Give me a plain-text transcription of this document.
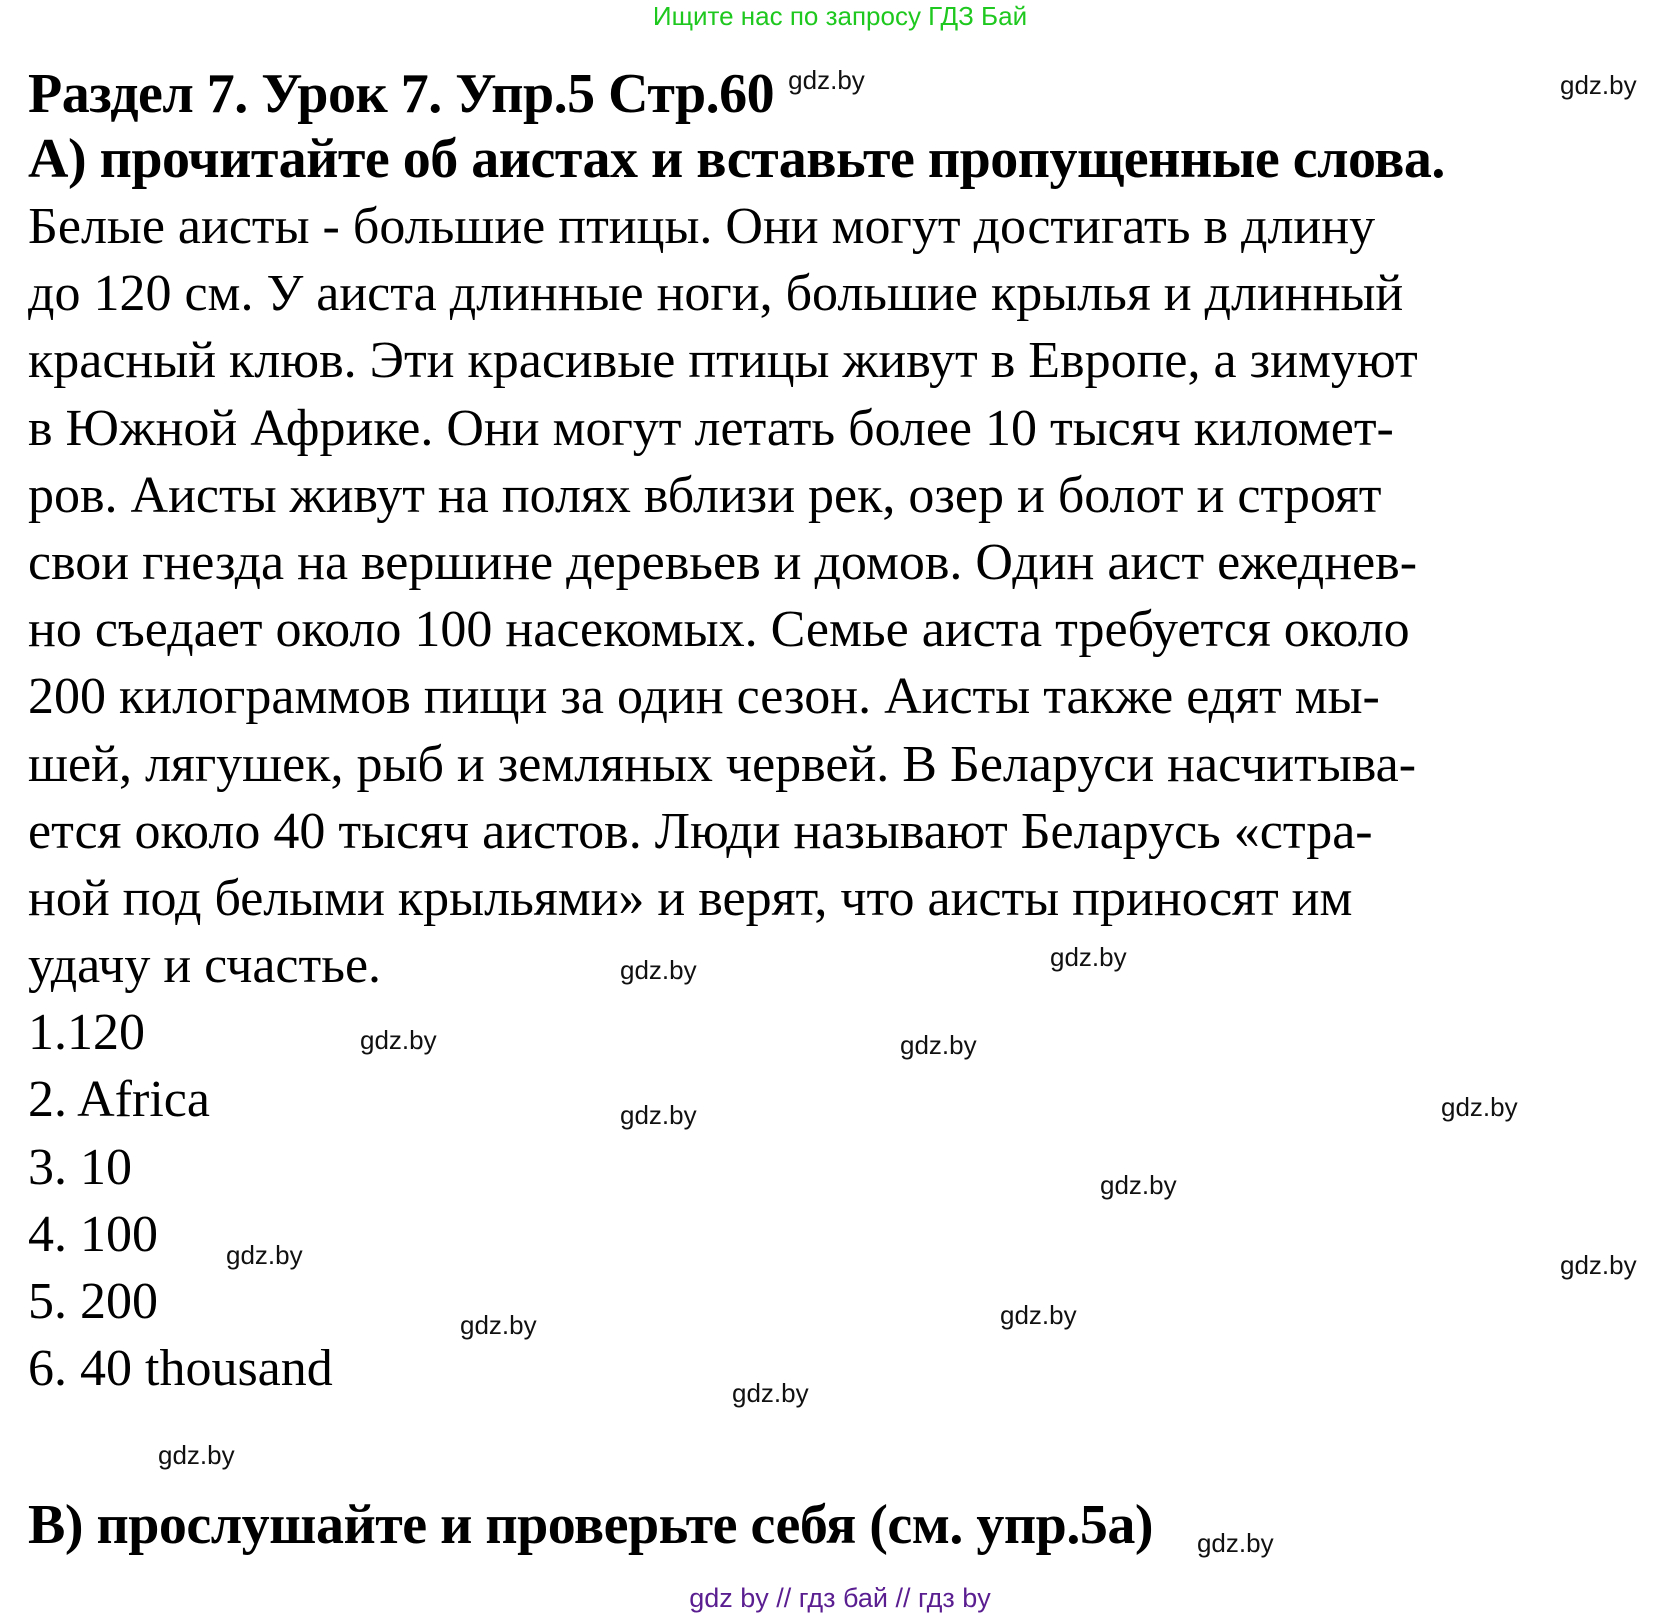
Ищите нас по запросу ГДЗ Бай
Раздел 7. Урок 7. Упр.5 Стр.60 gdz.by	gdz.by
А) прочитайте об аистах и вставьте пропущенные слова.
Белые аисты - большие птицы. Они могут достигать в длину
до 120 см. У аиста длинные ноги, большие крылья и длинный
красный клюв. Эти красивые птицы живут в Европе, а зимуют
в Южной Африке. Они могут летать более 10 тысяч километ-
ров. Аисты живут на полях вблизи рек, озер и болот и строят
свои гнезда на вершине деревьев и домов. Один аист ежеднев-
но съедает около 100 насекомых. Семье аиста требуется около
200 килограммов пищи за один сезон. Аисты также едят мы-
шей, лягушек, рыб и земляных червей. В Беларуси насчитыва-
ется около 40 тысяч аистов. Люди называют Беларусь «стра-
ной под белыми крыльями» и верят, что аисты приносят им
удачу и счастье.
1.120
2. Africa
3. 10
4. 100
5. 200
6. 40 thousand
gdz.by	gdz.by
gdz.by
gdz.by
gdz.by	gdz.by
gdz.by
gdz.by
gdz.by
gdz.by
gdz.by
gdz.by
gdz.by
В) прослушайте и проверьте себя (см. упр.5а) gdz.by
gdz by // гдз бай // гдз by
